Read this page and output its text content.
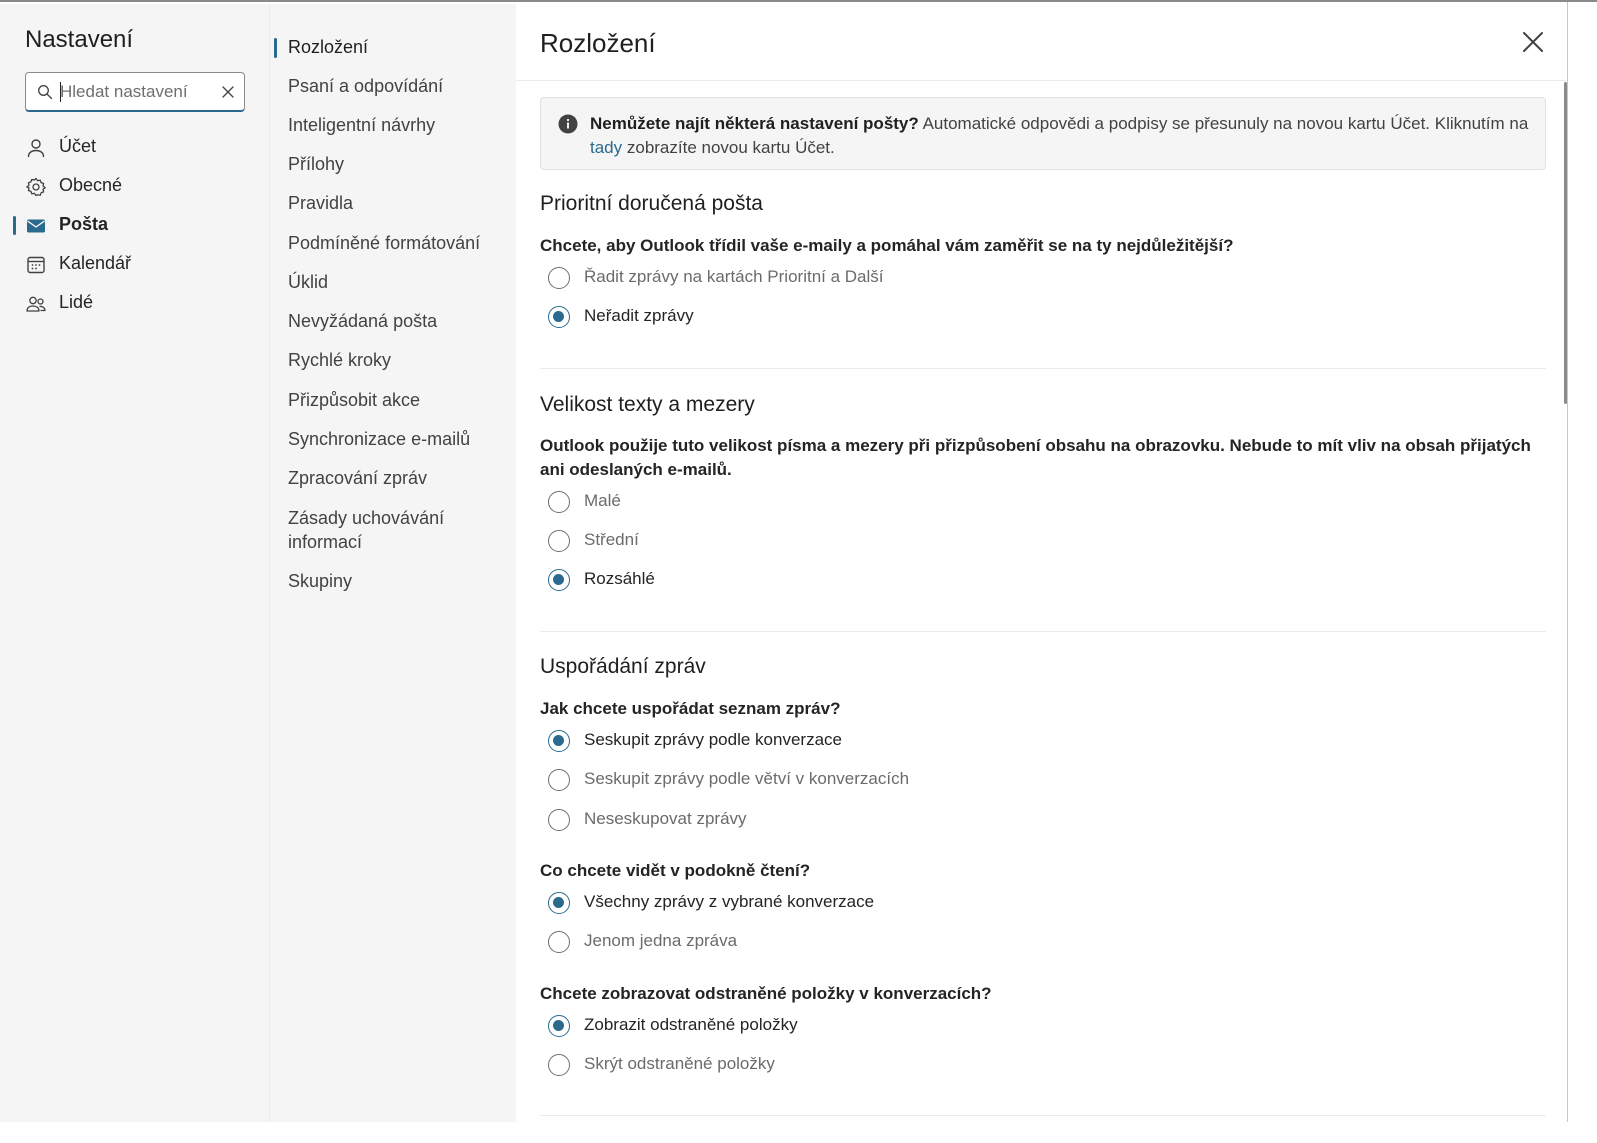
Nastavení
Hledat nastavení
Účet
Obecné
Pošta
Kalendář
Lidé
Rozložení
Psaní a odpovídání
Inteligentní návrhy
Přílohy
Pravidla
Podmíněné formátování
Úklid
Nevyžádaná pošta
Rychlé kroky
Přizpůsobit akce
Synchronizace e-mailů
Zpracování zpráv
Zásady uchovávání informací
Skupiny
Rozložení
Nemůžete najít některá nastavení pošty? Automatické odpovědi a podpisy se přesunuly na novou kartu Účet. Kliknutím na tady zobrazíte novou kartu Účet.
Prioritní doručená pošta
Chcete, aby Outlook třídil vaše e-maily a pomáhal vám zaměřit se na ty nejdůležitější?
Řadit zprávy na kartách Prioritní a Další
Neřadit zprávy
Velikost texty a mezery
Outlook použije tuto velikost písma a mezery při přizpůsobení obsahu na obrazovku. Nebude to mít vliv na obsah přijatých ani odeslaných e-mailů.
Malé
Střední
Rozsáhlé
Uspořádání zpráv
Jak chcete uspořádat seznam zpráv?
Seskupit zprávy podle konverzace
Seskupit zprávy podle větví v konverzacích
Neseskupovat zprávy
Co chcete vidět v podokně čtení?
Všechny zprávy z vybrané konverzace
Jenom jedna zpráva
Chcete zobrazovat odstraněné položky v konverzacích?
Zobrazit odstraněné položky
Skrýt odstraněné položky
